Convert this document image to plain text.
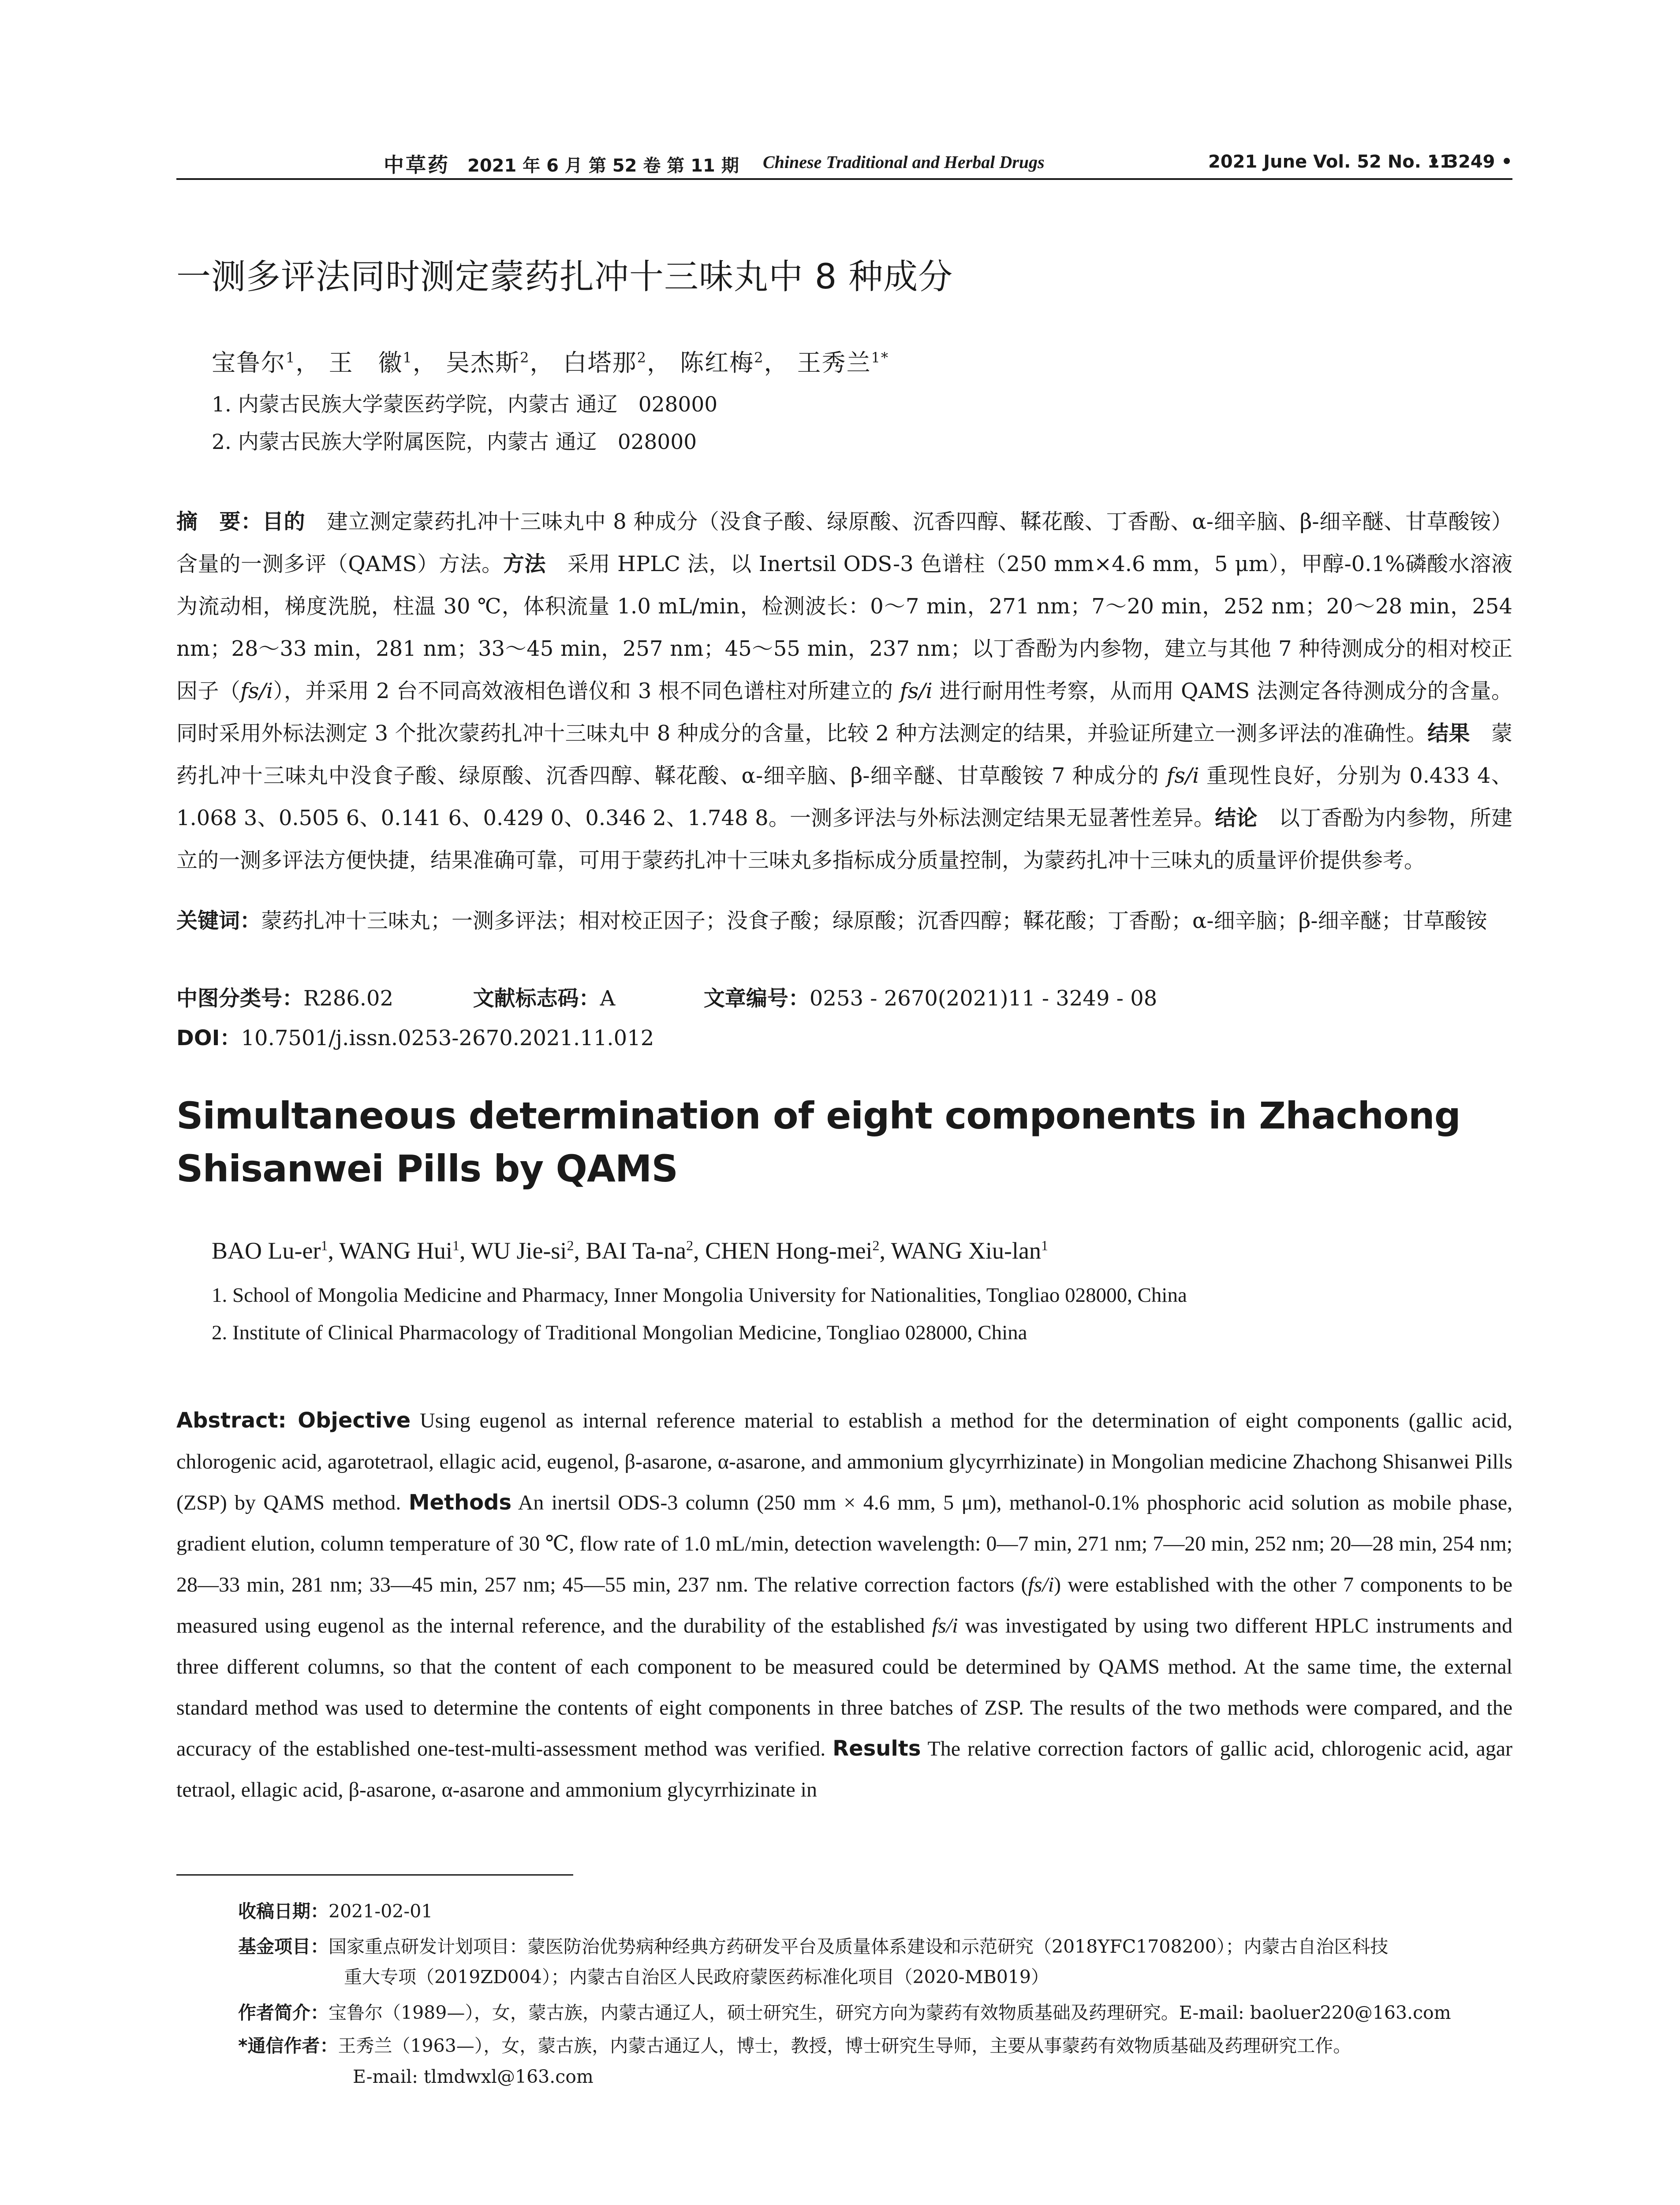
中草药 2021 年 6 月 第 52 卷 第 11 期 Chinese Traditional and Herbal Drugs	2021 June Vol. 52 No. 11
• 3249 •
一测多评法同时测定蒙药扎冲十三味丸中 8 种成分
宝鲁尔$^1$， 王　徽$^1$， 吴杰斯$^2$， 白塔那$^2$， 陈红梅$^2$， 王秀兰$^{1*}$
1. 内蒙古民族大学蒙医药学院，内蒙古 通辽　028000
2. 内蒙古民族大学附属医院，内蒙古 通辽　028000
摘　要：目的　建立测定蒙药扎冲十三味丸中 8 种成分（没食子酸、绿原酸、沉香四醇、鞣花酸、丁香酚、α-细辛脑、β-细辛醚、甘草酸铵）含量的一测多评（QAMS）方法。方法　采用 HPLC 法，以 Inertsil ODS-3 色谱柱（250 mm×4.6 mm，5 μm），甲醇-0.1%磷酸水溶液为流动相，梯度洗脱，柱温 30 ℃，体积流量 1.0 mL/min，检测波长：0～7 min，271 nm；7～20 min，252 nm；20～28 min，254 nm；28～33 min，281 nm；33～45 min，257 nm；45～55 min，237 nm；以丁香酚为内参物，建立与其他 7 种待测成分的相对校正因子（fs/i），并采用 2 台不同高效液相色谱仪和 3 根不同色谱柱对所建立的 fs/i 进行耐用性考察，从而用 QAMS 法测定各待测成分的含量。同时采用外标法测定 3 个批次蒙药扎冲十三味丸中 8 种成分的含量，比较 2 种方法测定的结果，并验证所建立一测多评法的准确性。结果　蒙药扎冲十三味丸中没食子酸、绿原酸、沉香四醇、鞣花酸、α-细辛脑、β-细辛醚、甘草酸铵 7 种成分的 fs/i 重现性良好，分别为 0.433 4、1.068 3、0.505 6、0.141 6、0.429 0、0.346 2、1.748 8。一测多评法与外标法测定结果无显著性差异。结论　以丁香酚为内参物，所建立的一测多评法方便快捷，结果准确可靠，可用于蒙药扎冲十三味丸多指标成分质量控制，为蒙药扎冲十三味丸的质量评价提供参考。
关键词：蒙药扎冲十三味丸；一测多评法；相对校正因子；没食子酸；绿原酸；沉香四醇；鞣花酸；丁香酚；α-细辛脑；β-细辛醚；甘草酸铵
中图分类号：R286.02	文献标志码：A	文章编号：0253 - 2670(2021)11 - 3249 - 08
DOI：10.7501/j.issn.0253-2670.2021.11.012
Simultaneous determination of eight components in Zhachong Shisanwei Pills by QAMS
BAO $Lu-er^1$, WANG Hui$^1$, WU Jie-$si^2$, BAI $Ta-na^2$, CHEN Hong-mei$^2$, WANG Xiu-lan$^1$
1. School of Mongolia Medicine and Pharmacy, Inner Mongolia University for Nationalities, Tongliao 028000, China
2. Institute of Clinical Pharmacology of Traditional Mongolian Medicine, Tongliao 028000, China
Abstract: Objective Using eugenol as internal reference material to establish a method for the determination of eight components (gallic acid, chlorogenic acid, agarotetraol, ellagic acid, eugenol, β-asarone, α-asarone, and ammonium glycyrrhizinate) in Mongolian medicine Zhachong Shisanwei Pills (ZSP) by QAMS method. Methods An inertsil ODS-3 column (250 mm × 4.6 mm, 5 μm), methanol-0.1% phosphoric acid solution as mobile phase, gradient elution, column temperature of 30 ℃, flow rate of 1.0 mL/min, detection wavelength: 0—7 min, 271 nm; 7—20 min, 252 nm; 20—28 min, 254 nm; 28—33 min, 281 nm; 33—45 min, 257 nm; 45—55 min, 237 nm. The relative correction factors (fs/i) were established with the other 7 components to be measured using eugenol as the internal reference, and the durability of the established fs/i was investigated by using two different HPLC instruments and three different columns, so that the content of each component to be measured could be determined by QAMS method. At the same time, the external standard method was used to determine the contents of eight components in three batches of ZSP. The results of the two methods were compared, and the accuracy of the established one-test-multi-assessment method was verified. Results The relative correction factors of gallic acid, chlorogenic acid, agar tetraol, ellagic acid, β-asarone, α-asarone and ammonium glycyrrhizinate in
收稿日期：2021-02-01
基金项目：国家重点研发计划项目：蒙医防治优势病种经典方药研发平台及质量体系建设和示范研究（2018YFC1708200）；内蒙古自治区科技
重大专项（2019ZD004）；内蒙古自治区人民政府蒙医药标准化项目（2020-MB019）
作者简介：宝鲁尔（1989—），女，蒙古族，内蒙古通辽人，硕士研究生，研究方向为蒙药有效物质基础及药理研究。E-mail: baoluer220@163.com
*通信作者：王秀兰（1963—），女，蒙古族，内蒙古通辽人，博士，教授，博士研究生导师，主要从事蒙药有效物质基础及药理研究工作。
E-mail: tlmdwxl@163.com
